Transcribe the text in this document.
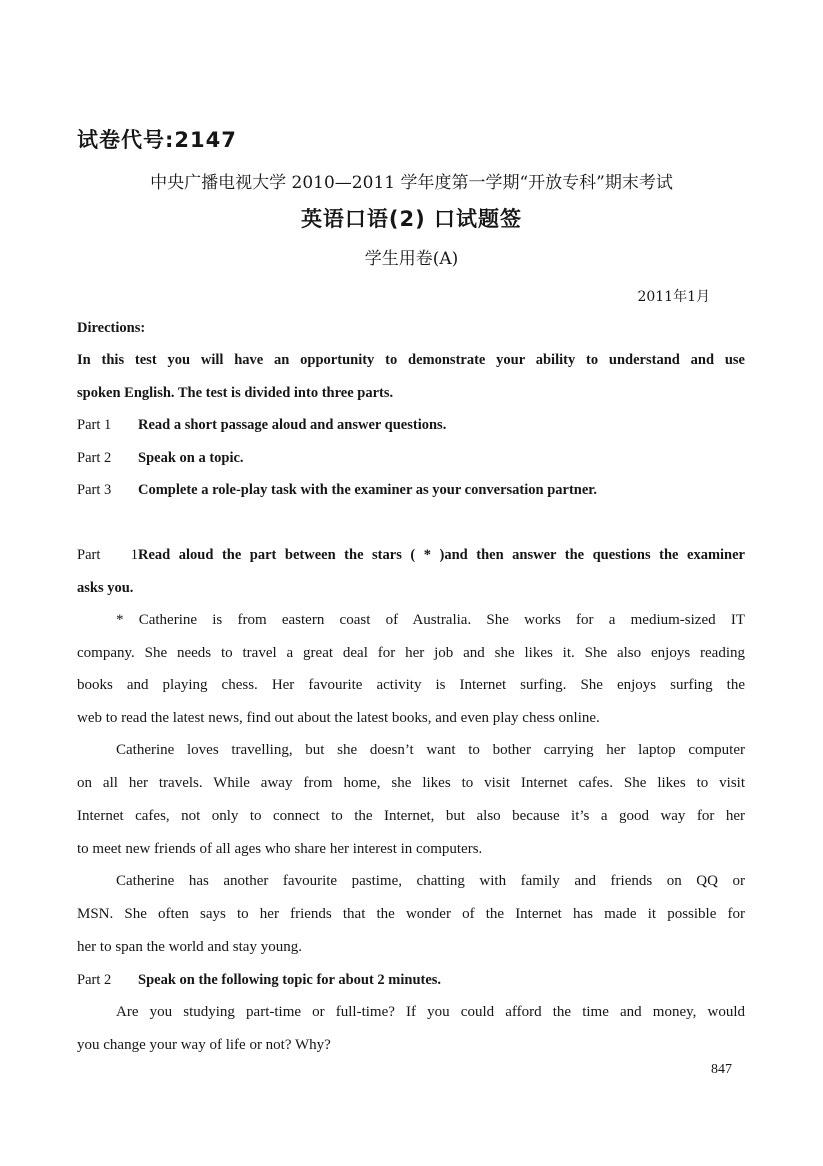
试卷代号:2147
中央广播电视大学 2010—2011 学年度第一学期“开放专科”期末考试
英语口语(2) 口试题签
学生用卷(A)
2011年1月
Directions:
In this test you will have an opportunity to demonstrate your ability to understand and use
spoken English. The test is divided into three parts.
Part 1 Read a short passage aloud and answer questions.
Part 2 Speak on a topic.
Part 3 Complete a role-play task with the examiner as your conversation partner.
Part 1Read aloud the part between the stars ( * )and then answer the questions the examiner
asks you.
* Catherine is from eastern coast of Australia. She works for a medium-sized IT
company. She needs to travel a great deal for her job and she likes it. She also enjoys reading
books and playing chess. Her favourite activity is Internet surfing. She enjoys surfing the
web to read the latest news, find out about the latest books, and even play chess online.
Catherine loves travelling, but she doesn’t want to bother carrying her laptop computer
on all her travels. While away from home, she likes to visit Internet cafes. She likes to visit
Internet cafes, not only to connect to the Internet, but also because it’s a good way for her
to meet new friends of all ages who share her interest in computers.
Catherine has another favourite pastime, chatting with family and friends on QQ or
MSN. She often says to her friends that the wonder of the Internet has made it possible for
her to span the world and stay young.
Part 2 Speak on the following topic for about 2 minutes.
Are you studying part-time or full-time? If you could afford the time and money, would
you change your way of life or not? Why?
847
